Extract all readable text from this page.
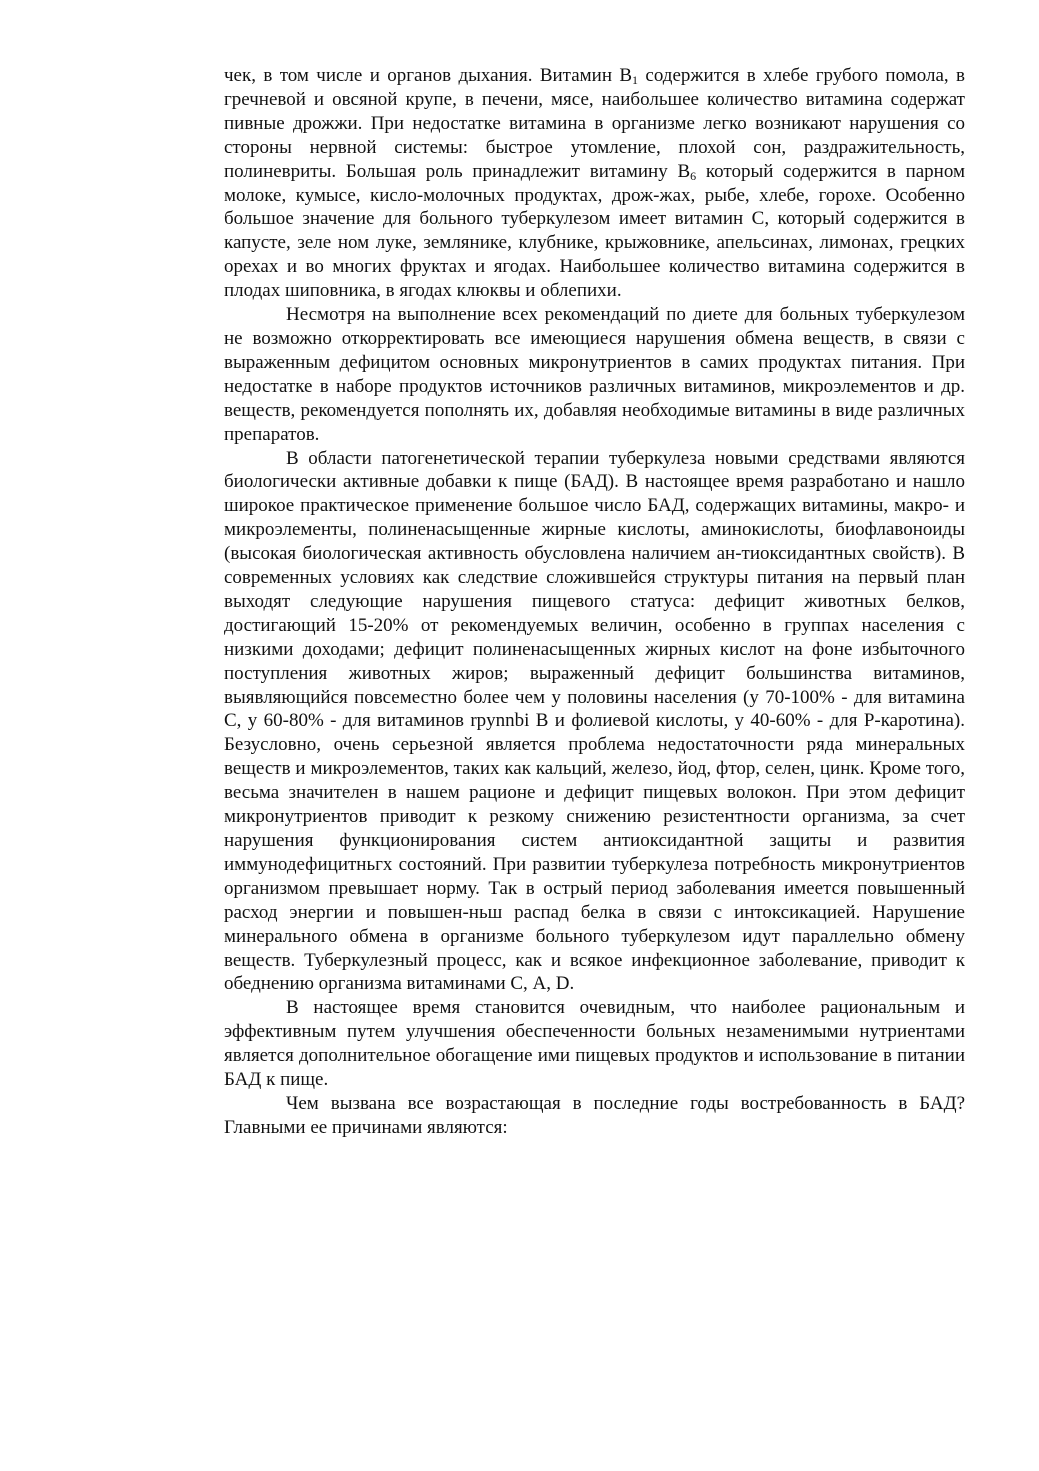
чек, в том числе и органов дыхания. Витамин $В_1$ содержится в хлебе грубого помола, в гречневой и овсяной крупе, в печени, мясе, наибольшее количество витамина содержат пивные дрожжи. При недостатке витамина в организме легко возникают нарушения со стороны нервной системы: быстрое утомление, плохой сон, раздражительность, полиневриты. Большая роль принадлежит витамину $В_6$ который содержится в парном молоке, кумысе, кисло-молочных продуктах, дрож-жах, рыбе, хлебе, горохе. Особенно большое значение для больного туберкулезом имеет витамин С, который содержится в капусте, зеле ном луке, землянике, клубнике, крыжовнике, апельсинах, лимонах, грецких орехах и во многих фруктах и ягодах. Наибольшее количество витамина содержится в плодах шиповника, в ягодах клюквы и облепихи.

Несмотря на выполнение всех рекомендаций по диете для больных туберкулезом не возможно откорректировать все имеющиеся нарушения обмена веществ, в связи с выраженным дефицитом основных микронутриентов в самих продуктах питания. При недостатке в наборе продуктов источников различных витаминов, микроэлементов и др. веществ, рекомендуется пополнять их, добавляя необходимые витамины в виде различных препаратов.

В области патогенетической терапии туберкулеза новыми средствами являются биологически активные добавки к пище (БАД). В настоящее время разработано и нашло широкое практическое применение большое число БАД, содержащих витамины, макро- и микроэлементы, полиненасыщенные жирные кислоты, аминокислоты, биофлавоноиды (высокая биологическая активность обусловлена наличием ан-тиоксидантных свойств). В современных условиях как следствие сложившейся структуры питания на первый план выходят следующие нарушения пищевого статуса: дефицит животных белков, достигающий 15-20% от рекомендуемых величин, особенно в группах населения с низкими доходами; дефицит полиненасыщенных жирных кислот на фоне избыточного поступления животных жиров; выраженный дефицит большинства витаминов, выявляющийся повсеместно более чем у половины населения (у 70-100% - для витамина С, у 60-80% - для витаминов rpynnbi В и фолиевой кислоты, у 40-60% - для Р-каротина). Безусловно, очень серьезной является проблема недостаточности ряда минеральных веществ и микроэлементов, таких как кальций, железо, йод, фтор, селен, цинк. Кроме того, весьма значителен в нашем рационе и дефицит пищевых волокон. При этом дефицит микронутриентов приводит к резкому снижению резистентности организма, за счет нарушения функционирования систем антиоксидантной защиты и развития иммунодефицитньгх состояний. При развитии туберкулеза потребность микронутриентов организмом превышает норму. Так в острый период заболевания имеется повышенный расход энергии и повышен-ньш распад белка в связи с интоксикацией. Нарушение минерального обмена в организме больного туберкулезом идут параллельно обмену веществ. Туберкулезный процесс, как и всякое инфекционное заболевание, приводит к обеднению организма витаминами С, A, D.

В настоящее время становится очевидным, что наиболее рациональным и эффективным путем улучшения обеспеченности больных незаменимыми нутриентами является дополнительное обогащение ими пищевых продуктов и использование в питании БАД к пище.

Чем вызвана все возрастающая в последние годы востребованность в БАД? Главными ее причинами являются:
